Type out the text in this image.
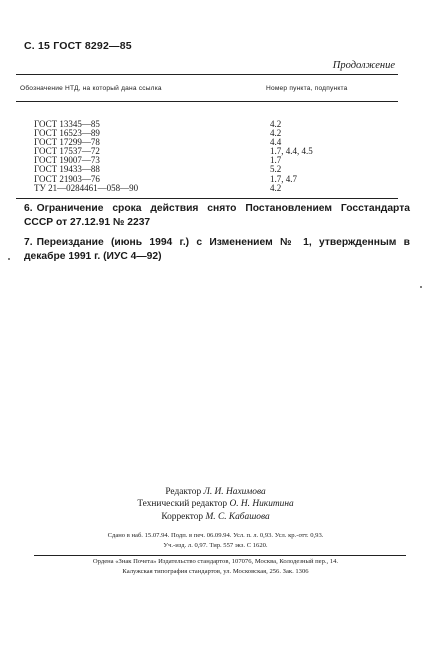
С. 15 ГОСТ 8292—85
Продолжение
Обозначение НТД, на который дана ссылка	Номер пункта, подпункта
ГОСТ 13345—85	4.2
ГОСТ 16523—89	4.2
ГОСТ 17299—78	4.4
ГОСТ 17537—72	1.7, 4.4, 4.5
ГОСТ 19007—73	1.7
ГОСТ 19433—88	5.2
ГОСТ 21903—76	1.7, 4.7
ТУ 21—0284461—058—90	4.2
6. Ограничение срока действия снято Постановлением Госстандарта СССР от 27.12.91 № 2237
7. Переиздание (июнь 1994 г.) с Изменением № 1, утвержденным в декабре 1991 г. (ИУС 4—92)
Редактор Л. И. Нахимова
Технический редактор О. Н. Никитина
Корректор М. С. Кабашова
Сдано в наб. 15.07.94. Подп. в печ. 06.09.94. Усл. п. л. 0,93. Усл. кр.-отт. 0,93.
Уч.-изд. л. 0,97. Тир. 557 экз. С 1620.
Ордена «Знак Почета» Издательство стандартов, 107076, Москва, Колодезный пер., 14.
Калужская типография стандартов, ул. Московская, 256. Зак. 1306
